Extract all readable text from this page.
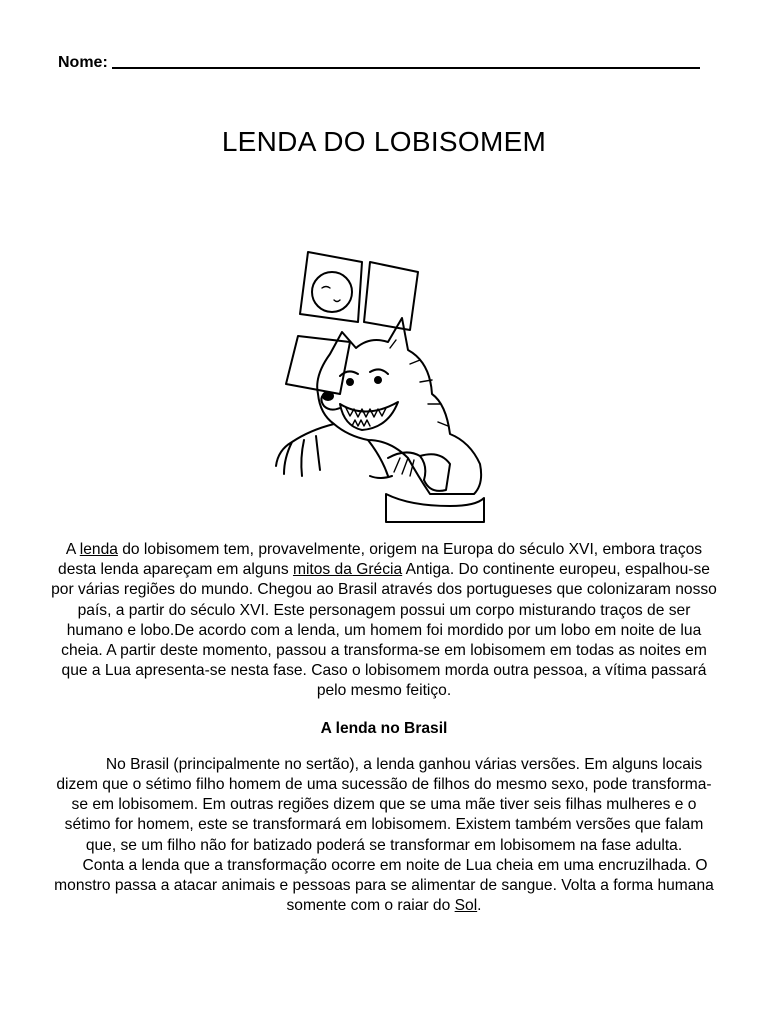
Nome:
LENDA DO LOBISOMEM

A lenda do lobisomem tem, provavelmente, origem na Europa do século XVI, embora traços desta lenda apareçam em alguns mitos da Grécia Antiga. Do continente europeu, espalhou-se por várias regiões do mundo. Chegou ao Brasil através dos portugueses que colonizaram nosso país, a partir do século XVI. Este personagem possui um corpo misturando traços de ser humano e lobo.De acordo com a lenda, um homem foi mordido por um lobo em noite de lua cheia. A partir deste momento, passou a transforma-se em lobisomem em todas as noites em que a Lua apresenta-se nesta fase. Caso o lobisomem morda outra pessoa, a vítima passará pelo mesmo feitiço.

A lenda no Brasil

No Brasil (principalmente no sertão), a lenda ganhou várias versões. Em alguns locais dizem que o sétimo filho homem de uma sucessão de filhos do mesmo sexo, pode transforma-se em lobisomem. Em outras regiões dizem que se uma mãe tiver seis filhas mulheres e o sétimo for homem, este se transformará em lobisomem. Existem também versões que falam que, se um filho não for batizado poderá se transformar em lobisomem na fase adulta.

Conta a lenda que a transformação ocorre em noite de Lua cheia em uma encruzilhada. O monstro passa a atacar animais e pessoas para se alimentar de sangue. Volta a forma humana somente com o raiar do Sol.
